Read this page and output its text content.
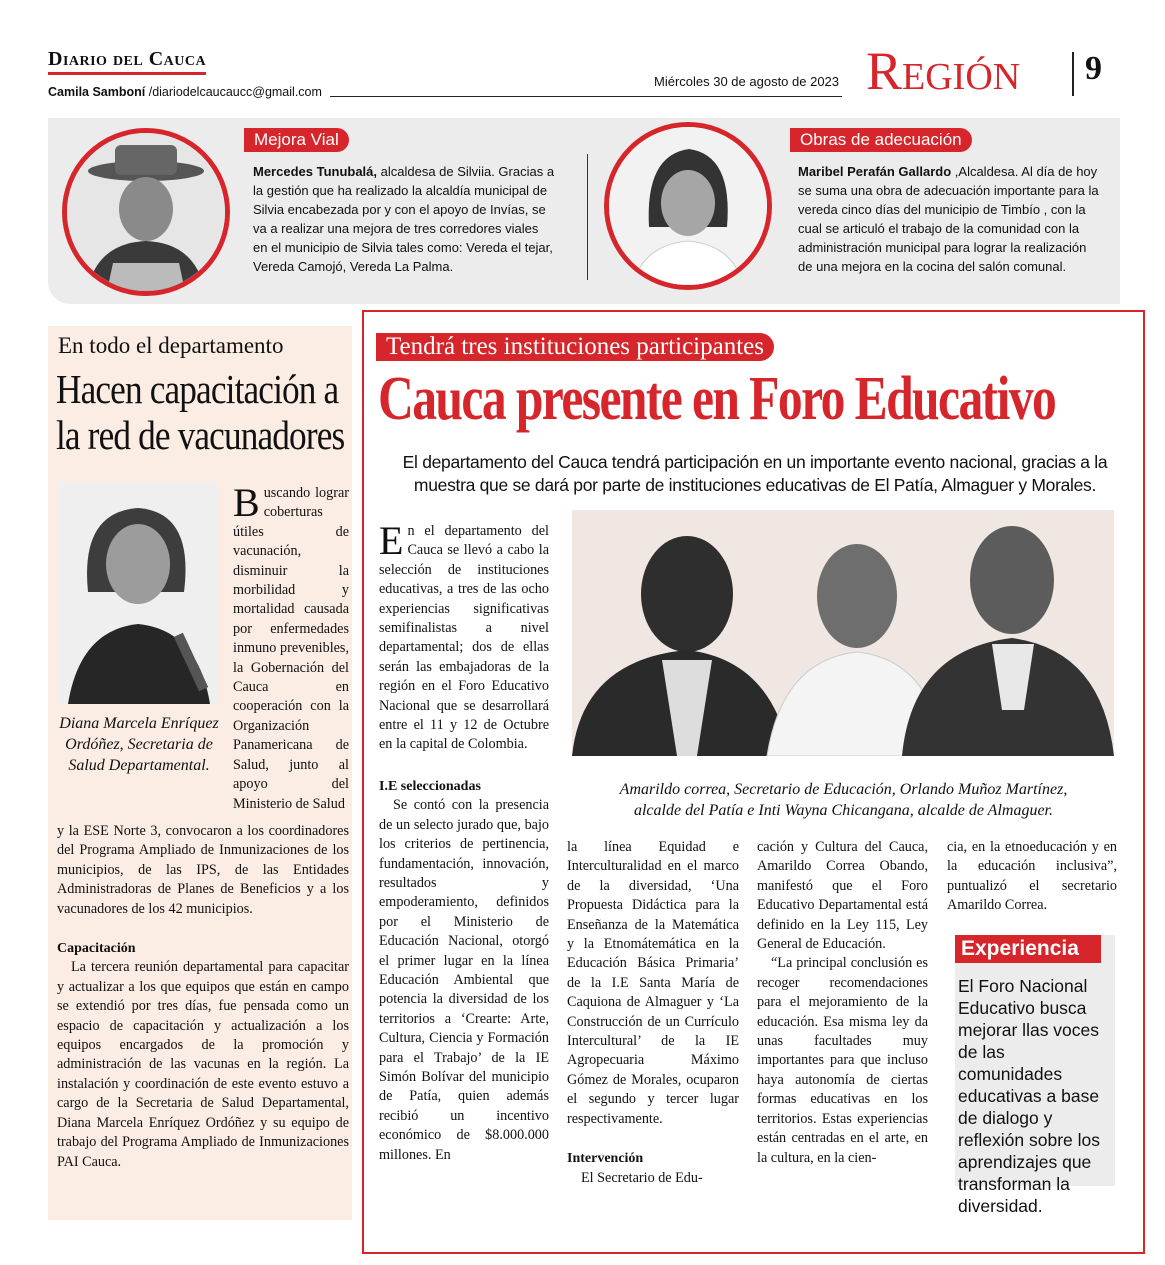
Diario del Cauca
Camila Samboní /diariodelcaucaucc@gmail.com
Miércoles 30 de agosto de 2023 Región 9
Mejora Vial
Mercedes Tunubalá, alcaldesa de Silviia. Gracias a la gestión que ha realizado la alcaldía municipal de Silvia encabezada por y con el apoyo de Invías, se va a realizar una mejora de tres corredores viales en el municipio de Silvia tales como: Vereda el tejar, Vereda Camojó, Vereda La Palma.
Obras de adecuación
Maribel Perafán Gallardo ,Alcaldesa. Al día de hoy se suma una obra de adecuación importante para la vereda cinco días del municipio de Timbío , con la cual se articuló el trabajo de la comunidad con la administración municipal para lograr la realización de una mejora en la cocina del salón comunal.
En todo el departamento
Hacen capacitación a
la red de vacunadores
Diana Marcela Enríquez Ordóñez, Secretaria de Salud Departamental.
Buscando lograr coberturas útiles de vacunación, disminuir la morbilidad y mortalidad causada por enfermedades inmuno prevenibles, la Gobernación del Cauca en cooperación con la Organización Panamericana de Salud, junto al apoyo del Ministerio de Salud
y la ESE Norte 3, convocaron a los coordinadores del Programa Ampliado de Inmunizaciones de los municipios, de las IPS, de las Entidades Administradoras de Planes de Beneficios y a los vacunadores de los 42 municipios.
Capacitación
La tercera reunión departamental para capacitar y actualizar a los que equipos que están en campo se extendió por tres días, fue pensada como un espacio de capacitación y actualización a los equipos encargados de la promoción y administración de las vacunas en la región. La instalación y coordinación de este evento estuvo a cargo de la Secretaria de Salud Departamental, Diana Marcela Enríquez Ordóñez y su equipo de trabajo del Programa Ampliado de Inmunizaciones PAI Cauca.
Tendrá tres instituciones participantes
Cauca presente en Foro Educativo
El departamento del Cauca tendrá participación en un importante evento nacional, gracias a la muestra que se dará por parte de instituciones educativas de El Patía, Almaguer y Morales.
Amarildo correa, Secretario de Educación, Orlando Muñoz Martínez,
alcalde del Patía e Inti Wayna Chicangana, alcalde de Almaguer.
En el departamento del Cauca se llevó a cabo la selección de instituciones educativas, a tres de las ocho experiencias significativas semifinalistas a nivel departamental; dos de ellas serán las embajadoras de la región en el Foro Educativo Nacional que se desarrollará entre el 11 y 12 de Octubre en la capital de Colombia.
I.E seleccionadas
Se contó con la presencia de un selecto jurado que, bajo los criterios de pertinencia, fundamentación, innovación, resultados y empoderamiento, definidos por el Ministerio de Educación Nacional, otorgó el primer lugar en la línea Educación Ambiental que potencia la diversidad de los territorios a ‘Crearte: Arte, Cultura, Ciencia y Formación para el Trabajo’ de la IE Simón Bolívar del municipio de Patía, quien además recibió un incentivo económico de $8.000.000 millones. En
la línea Equidad e Interculturalidad en el marco de la diversidad, ‘Una Propuesta Didáctica para la Enseñanza de la Matemática y la Etnomátemática en la Educación Básica Primaria’ de la I.E Santa María de Caquiona de Almaguer y ‘La Construcción de un Currículo Intercultural’ de la IE Agropecuaria Máximo Gómez de Morales, ocuparon el segundo y tercer lugar respectivamente.
Intervención
El Secretario de Edu-
cación y Cultura del Cauca, Amarildo Correa Obando, manifestó que el Foro Educativo Departamental está definido en la Ley 115, Ley General de Educación.
“La principal conclusión es recoger recomendaciones para el mejoramiento de la educación. Esa misma ley da unas facultades muy importantes para que incluso haya autonomía de ciertas formas educativas en los territorios. Estas experiencias están centradas en el arte, en la cultura, en la cien-
cia, en la etnoeducación y en la educación inclusiva”, puntualizó el secretario Amarildo Correa.
Experiencia
El Foro Nacional Educativo busca mejorar llas voces de las comunidades educativas a base de dialogo y reflexión sobre los aprendizajes que transforman la diversidad.
